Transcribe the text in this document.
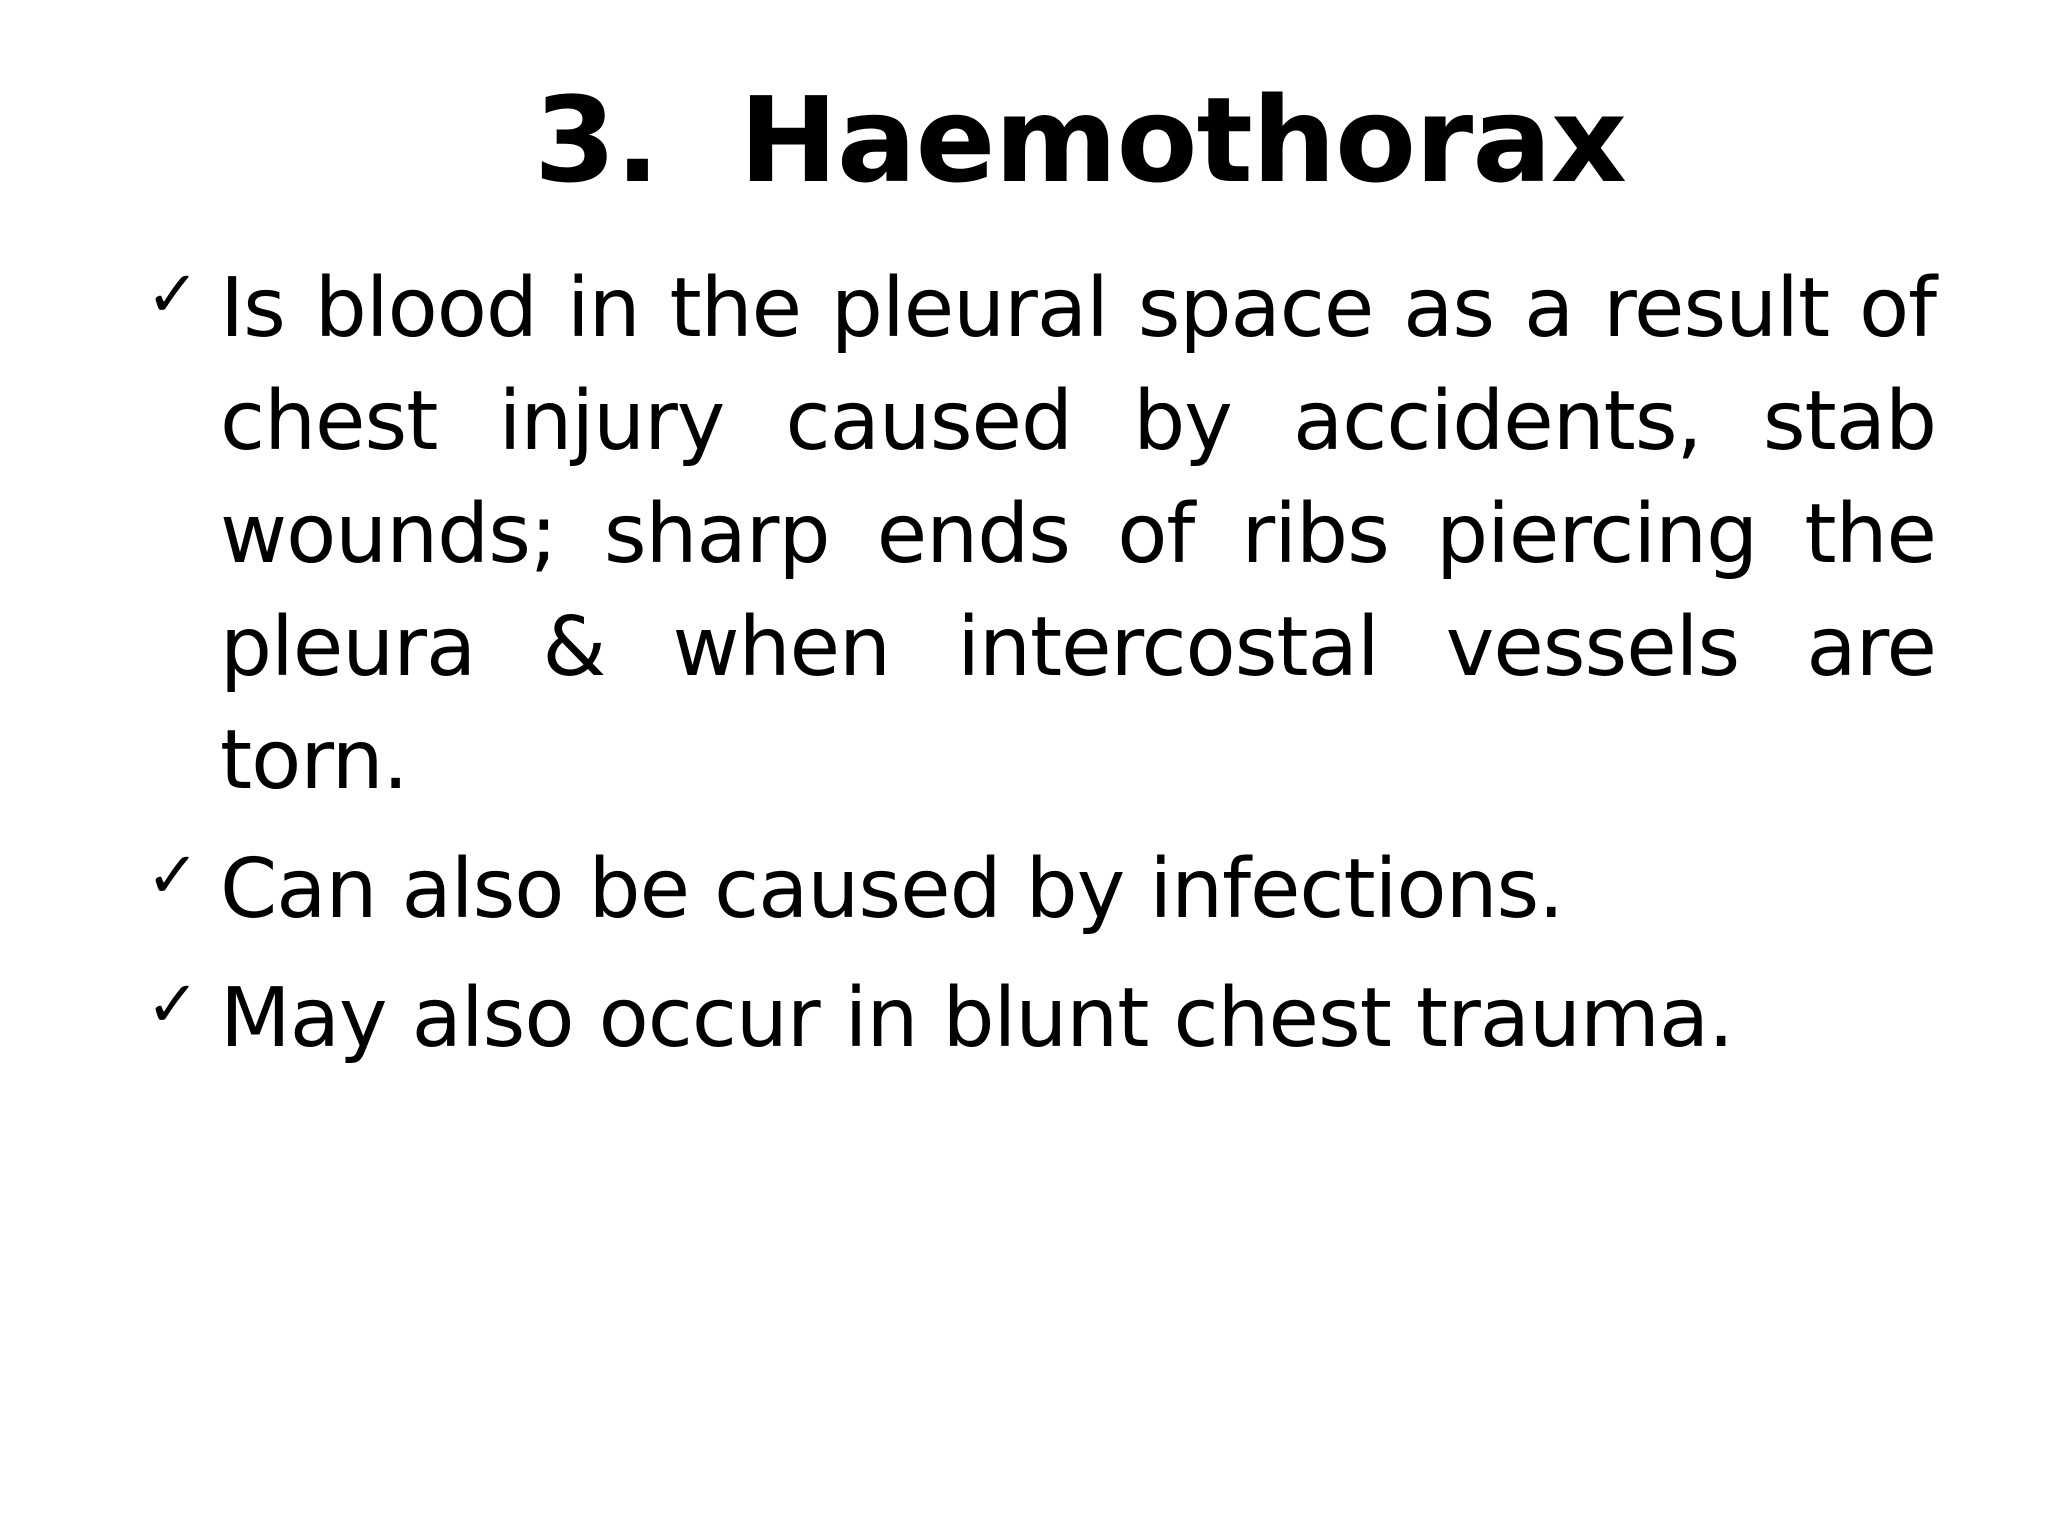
3.  Haemothorax
✓ Is blood in the pleural space as a result of chest injury caused by accidents, stab wounds; sharp ends of ribs piercing the pleura & when intercostal vessels are torn.
✓ Can also be caused by infections.
✓ May also occur in blunt chest trauma.
